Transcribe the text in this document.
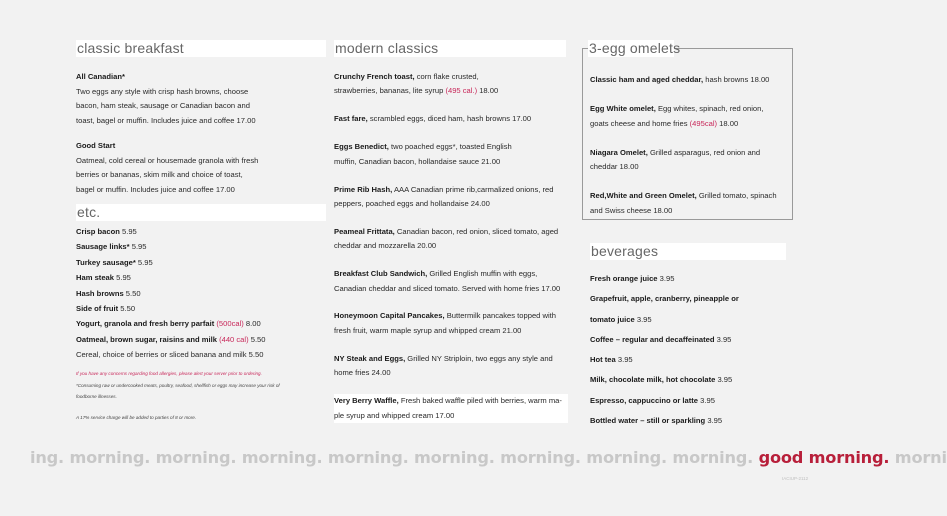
classic breakfast
All Canadian*
Two eggs any style with crisp hash browns, choose
bacon, ham steak, sausage or Canadian bacon and
toast, bagel or muffin. Includes juice and coffee 17.00
Good Start
Oatmeal, cold cereal or housemade granola with fresh
berries or bananas, skim milk and choice of toast,
bagel or muffin. Includes juice and coffee 17.00
etc.
Crisp bacon 5.95
Sausage links* 5.95
Turkey sausage* 5.95
Ham steak 5.95
Hash browns 5.50
Side of fruit 5.50
Yogurt, granola and fresh berry parfait (500cal) 8.00
Oatmeal, brown sugar, raisins and milk (440 cal) 5.50
Cereal, choice of berries or sliced banana and milk 5.50
If you have any concerns regarding food allergies, please alert your server prior to ordering.
*Consuming raw or undercooked meats, poultry, seafood, shellfish or eggs may increase your risk of
foodborne illnesses.
A 17% service charge will be added to parties of 8 or more.
modern classics
Crunchy French toast, corn flake crusted,
strawberries, bananas, lite syrup (495 cal.) 18.00
Fast fare, scrambled eggs, diced ham, hash browns 17.00
Eggs Benedict, two poached eggs*, toasted English
muffin, Canadian bacon, hollandaise sauce 21.00
Prime Rib Hash, AAA Canadian prime rib,carmalized onions, red
peppers, poached eggs and hollandaise 24.00
Peameal Frittata, Canadian bacon, red onion, sliced tomato, aged
cheddar and mozzarella 20.00
Breakfast Club Sandwich, Grilled English muffin with eggs,
Canadian cheddar and sliced tomato. Served with home fries 17.00
Honeymoon Capital Pancakes, Buttermilk pancakes topped with
fresh fruit, warm maple syrup and whipped cream 21.00
NY Steak and Eggs, Grilled NY Striploin, two eggs any style and
home fries 24.00
Very Berry Waffle, Fresh baked waffle piled with berries, warm ma-
ple syrup and whipped cream 17.00
3-egg omelets
Classic ham and aged cheddar, hash browns 18.00
Egg White omelet, Egg whites, spinach, red onion,
goats cheese and home fries (495cal) 18.00
Niagara Omelet, Grilled asparagus, red onion and
cheddar 18.00
Red,White and Green Omelet, Grilled tomato, spinach
and Swiss cheese 18.00
beverages
Fresh orange juice 3.95
Grapefruit, apple, cranberry, pineapple or
tomato juice 3.95
Coffee – regular and decaffeinated 3.95
Hot tea 3.95
Milk, chocolate milk, hot chocolate 3.95
Espresso, cappuccino or latte 3.95
Bottled water – still or sparkling 3.95
ing. morning. morning. morning. morning. morning. morning. morning. morning. good morning. morni
IACIUP-2112
